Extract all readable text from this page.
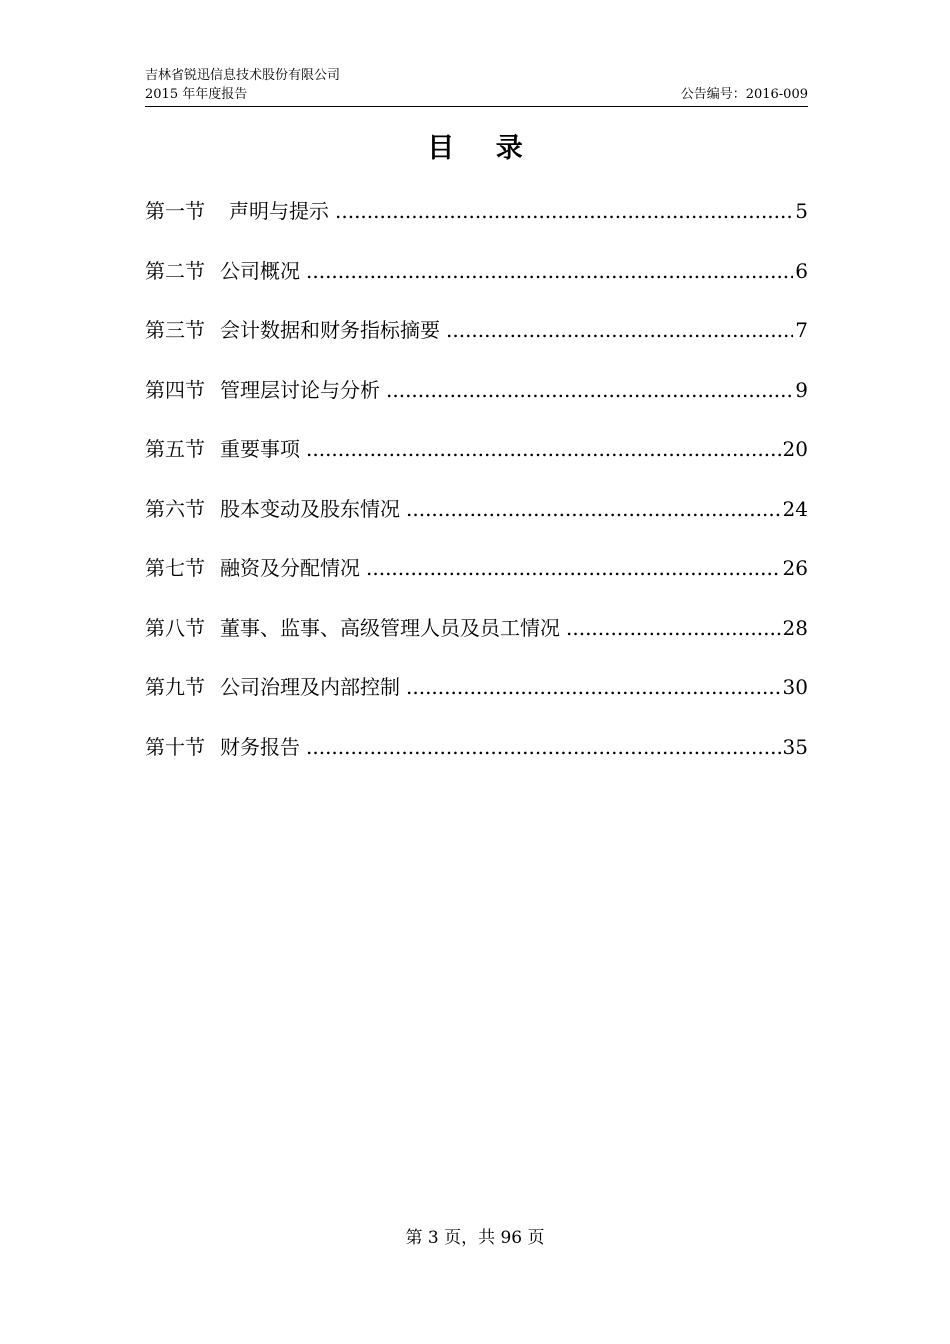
吉林省锐迅信息技术股份有限公司
2015 年年度报告	公告编号：2016-009
目 录
第一节 声明与提示 .....	5
第二节 公司概况 .....	6
第三节 会计数据和财务指标摘要 .....	7
第四节 管理层讨论与分析 .....	9
第五节 重要事项 .....	20
第六节 股本变动及股东情况 .....	24
第七节 融资及分配情况 .....	26
第八节 董事、监事、高级管理人员及员工情况 .....	28
第九节 公司治理及内部控制 .....	30
第十节 财务报告 .....	35
第 3 页，共 96 页
